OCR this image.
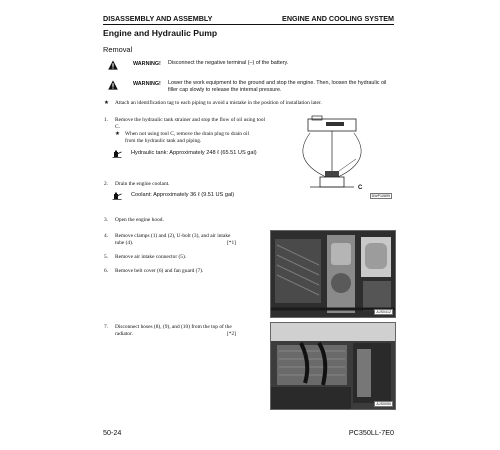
DISASSEMBLY AND ASSEMBLY	ENGINE AND COOLING SYSTEM
Engine and Hydraulic Pump
Removal
WARNING! Disconnect the negative terminal (–) of the battery.
WARNING! Lower the work equipment to the ground and stop the engine. Then, loosen the hydraulic oil filler cap slowly to release the internal pressure.
★ Attach an identification tag to each piping to avoid a mistake in the position of installation later.
1. Remove the hydraulic tank strainer and stop the flow of oil using tool C.
★ When not using tool C, remove the drain plug to drain oil from the hydraulic tank and piping.
Hydraulic tank: Approximately 248 ℓ (65.51 US gal)
2. Drain the engine coolant.
Coolant: Approximately 36 ℓ (9.51 US gal)
C
DWP10899
3. Open the engine hood.
4. Remove clamps (1) and (2), U-bolt (3), and air intake tube (4).	[*1]
5. Remove air intake connector (5).
6. Remove belt cover (6) and fan guard (7).
AJS0412
7. Disconnect hoses (8), (9), and (10) from the top of the radiator.	[*2]
AJS0050
50-24	PC350LL-7E0
